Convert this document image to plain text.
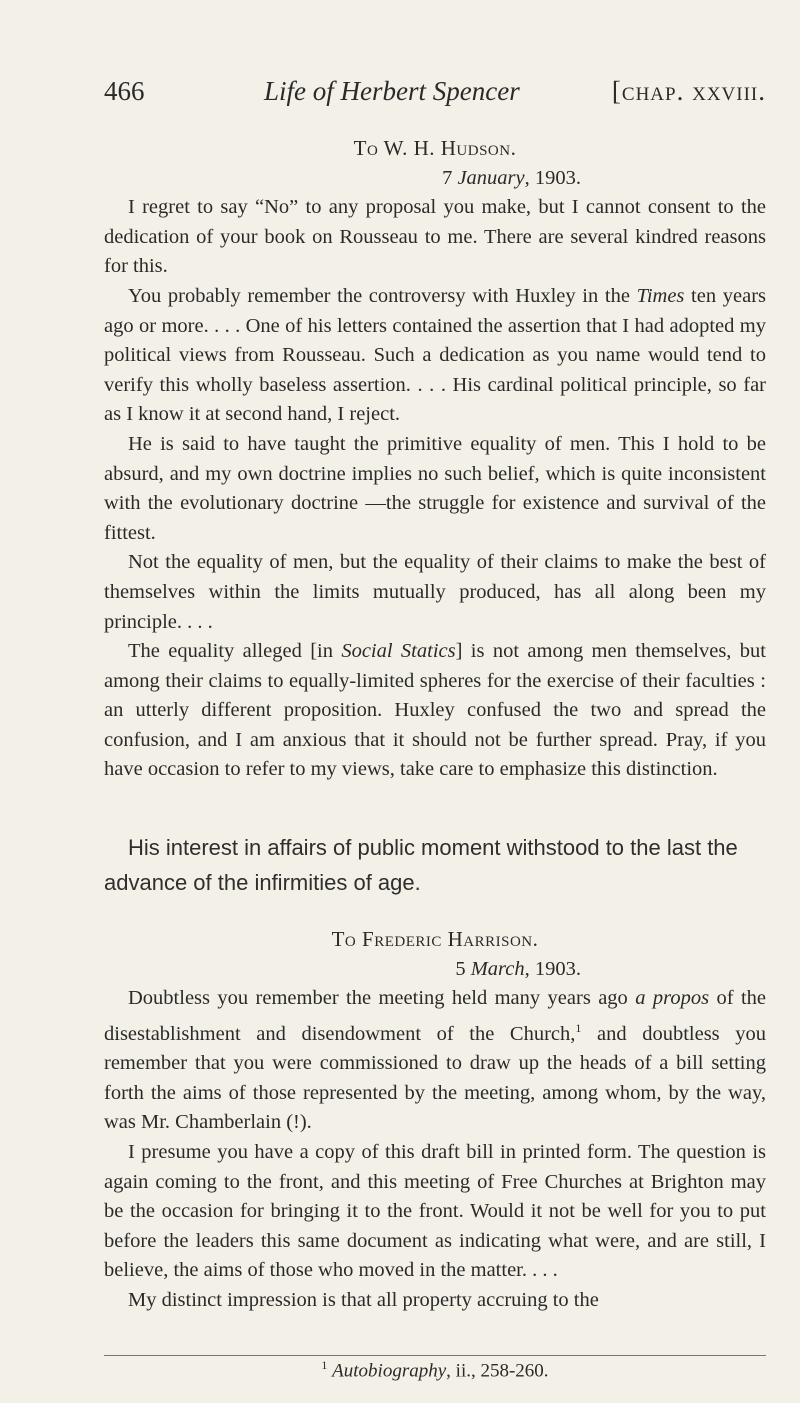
466	Life of Herbert Spencer	[chap. xxviii.
To W. H. Hudson.
7 January, 1903.

I regret to say “No” to any proposal you make, but I cannot consent to the dedication of your book on Rousseau to me. There are several kindred reasons for this.

You probably remember the controversy with Huxley in the Times ten years ago or more. . . . One of his letters contained the assertion that I had adopted my political views from Rousseau. Such a dedication as you name would tend to verify this wholly baseless assertion. . . . His cardinal political principle, so far as I know it at second hand, I reject.

He is said to have taught the primitive equality of men. This I hold to be absurd, and my own doctrine implies no such belief, which is quite inconsistent with the evolutionary doctrine —the struggle for existence and survival of the fittest.

Not the equality of men, but the equality of their claims to make the best of themselves within the limits mutually produced, has all along been my principle. . . .

The equality alleged [in Social Statics] is not among men themselves, but among their claims to equally-limited spheres for the exercise of their faculties : an utterly different proposition. Huxley confused the two and spread the confusion, and I am anxious that it should not be further spread. Pray, if you have occasion to refer to my views, take care to emphasize this distinction.

His interest in affairs of public moment withstood to the last the advance of the infirmities of age.
To Frederic Harrison.
5 March, 1903.

Doubtless you remember the meeting held many years ago a propos of the disestablishment and disendowment of the Church,$^1$ and doubtless you remember that you were commissioned to draw up the heads of a bill setting forth the aims of those represented by the meeting, among whom, by the way, was Mr. Chamberlain (!).

I presume you have a copy of this draft bill in printed form. The question is again coming to the front, and this meeting of Free Churches at Brighton may be the occasion for bringing it to the front. Would it not be well for you to put before the leaders this same document as indicating what were, and are still, I believe, the aims of those who moved in the matter. . . .

My distinct impression is that all property accruing to the

$^1$ Autobiography, ii., 258-260.
